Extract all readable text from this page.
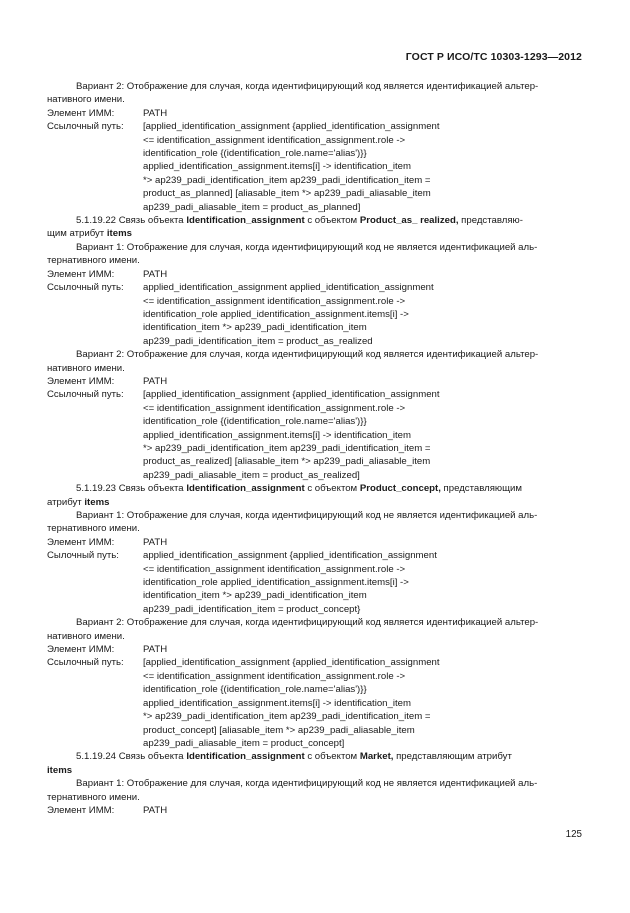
ГОСТ Р ИСО/ТС 10303-1293—2012

Вариант 2: Отображение для случая, когда идентифицирующий код является идентификацией альтер-

нативного имени.

Элемент ИММ:	PATH
Ссылочный путь:	[applied_identification_assignment {applied_identification_assignment
<= identification_assignment identification_assignment.role ->
identification_role {(identification_role.name='alias')}}
applied_identification_assignment.items[i] -> identification_item
*> ap239_padi_identification_item ap239_padi_identification_item =
product_as_planned] [aliasable_item *> ap239_padi_aliasable_item
ap239_padi_aliasable_item = product_as_planned]

5.1.19.22 Связь объекта Identification_assignment с объектом Product_as_ realized, представляю-

щим атрибут items

Вариант 1: Отображение для случая, когда идентифицирующий код не является идентификацией аль-

тернативного имени.

Элемент ИММ:	PATH
Ссылочный путь:	applied_identification_assignment applied_identification_assignment
<= identification_assignment identification_assignment.role ->
identification_role applied_identification_assignment.items[i] ->
identification_item *> ap239_padi_identification_item
ap239_padi_identification_item = product_as_realized

Вариант 2: Отображение для случая, когда идентифицирующий код является идентификацией альтер-

нативного имени.

Элемент ИММ:	PATH
Ссылочный путь:	[applied_identification_assignment {applied_identification_assignment
<= identification_assignment identification_assignment.role ->
identification_role {(identification_role.name='alias')}}
applied_identification_assignment.items[i] -> identification_item
*> ap239_padi_identification_item ap239_padi_identification_item =
product_as_realized] [aliasable_item *> ap239_padi_aliasable_item
ap239_padi_aliasable_item = product_as_realized]

5.1.19.23 Связь объекта Identification_assignment с объектом Product_concept, представляющим

атрибут items

Вариант 1: Отображение для случая, когда идентифицирующий код не является идентификацией аль-

тернативного имени.

Элемент ИММ:	PATH
Сылочный путь:	applied_identification_assignment {applied_identification_assignment
<= identification_assignment identification_assignment.role ->
identification_role applied_identification_assignment.items[i] ->
identification_item *> ap239_padi_identification_item
ap239_padi_identification_item = product_concept}

Вариант 2: Отображение для случая, когда идентифицирующий код является идентификацией альтер-

нативного имени.

Элемент ИММ:	PATH
Ссылочный путь:	[applied_identification_assignment {applied_identification_assignment
<= identification_assignment identification_assignment.role ->
identification_role {(identification_role.name='alias')}}
applied_identification_assignment.items[i] -> identification_item
*> ap239_padi_identification_item ap239_padi_identification_item =
product_concept] [aliasable_item *> ap239_padi_aliasable_item
ap239_padi_aliasable_item = product_concept]

5.1.19.24 Связь объекта Identification_assignment с объектом Market, представляющим атрибут

items

Вариант 1: Отображение для случая, когда идентифицирующий код не является идентификацией аль-

тернативного имени.

Элемент ИММ:	PATH
125
